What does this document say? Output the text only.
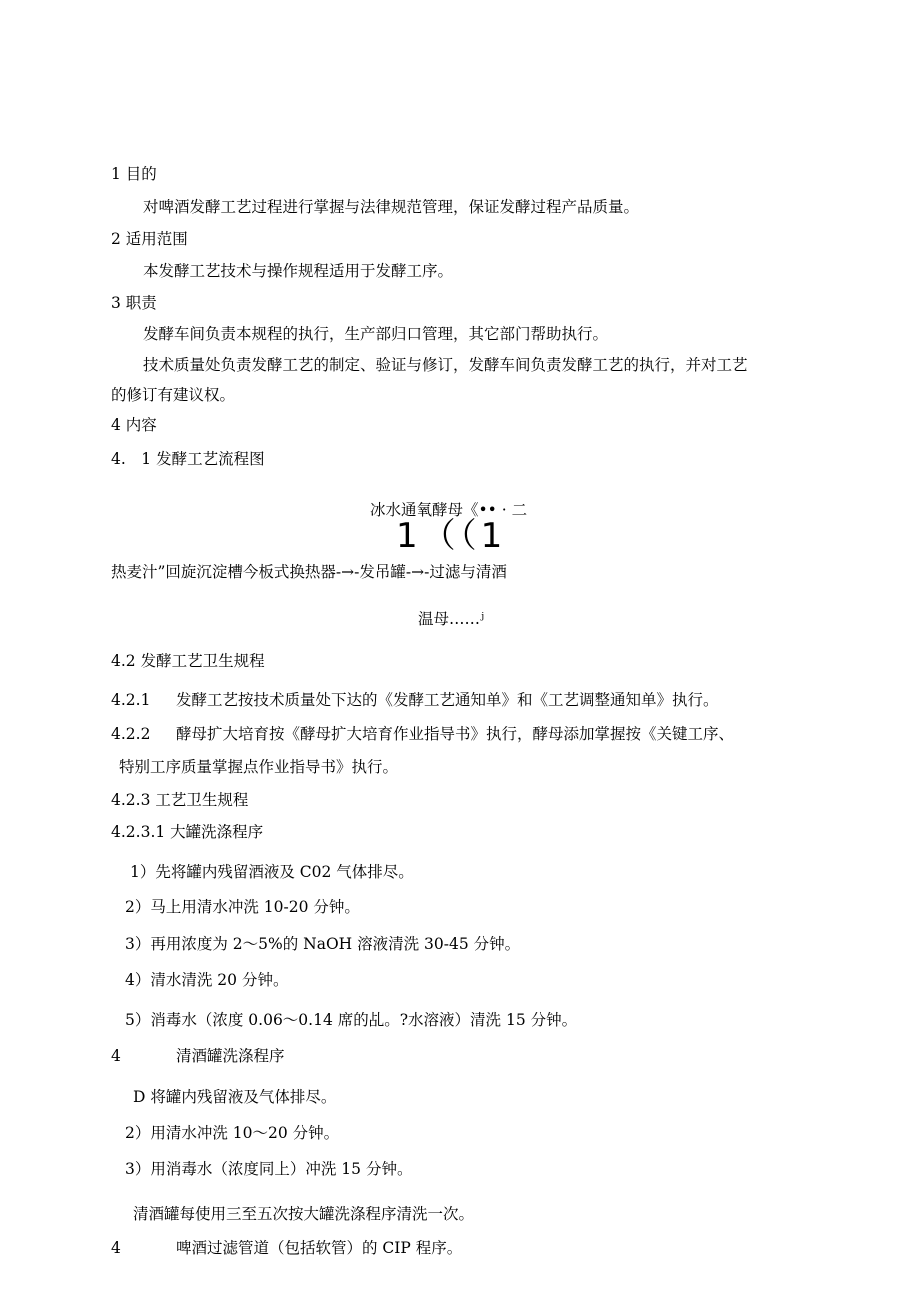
1 目的
对啤酒发酵工艺过程进行掌握与法律规范管理，保证发酵过程产品质量。
2 适用范围
本发酵工艺技术与操作规程适用于发酵工序。
3 职责
发酵车间负责本规程的执行，生产部归口管理，其它部门帮助执行。
技术质量处负责发酵工艺的制定、验证与修订，发酵车间负责发酵工艺的执行，并对工艺
的修订有建议权。
4 内容
4.　1 发酵工艺流程图
冰水通氧酵母《•• · 二
1（（1
热麦汁”回旋沉淀槽今板式换热器-→-发吊罐-→-过滤与清酒
温母……ʲ
4.2 发酵工艺卫生规程
4.2.1 发酵工艺按技术质量处下达的《发酵工艺通知单》和《工艺调整通知单》执行。
4.2.2 酵母扩大培育按《酵母扩大培育作业指导书》执行，酵母添加掌握按《关键工序、
特别工序质量掌握点作业指导书》执行。
4.2.3 工艺卫生规程
4.2.3.1 大罐洗涤程序
1）先将罐内残留酒液及 C02 气体排尽。
2）马上用清水冲洗 10-20 分钟。
3）再用浓度为 2～5%的 NaOH 溶液清洗 30-45 分钟。
4）清水清洗 20 分钟。
5）消毒水（浓度 0.06～0.14 席的乩。?水溶液）清洗 15 分钟。
4	清酒罐洗涤程序
D 将罐内残留液及气体排尽。
2）用清水冲洗 10～20 分钟。
3）用消毒水（浓度同上）冲洗 15 分钟。
清酒罐每使用三至五次按大罐洗涤程序清洗一次。
4	啤酒过滤管道（包括软管）的 CIP 程序。
